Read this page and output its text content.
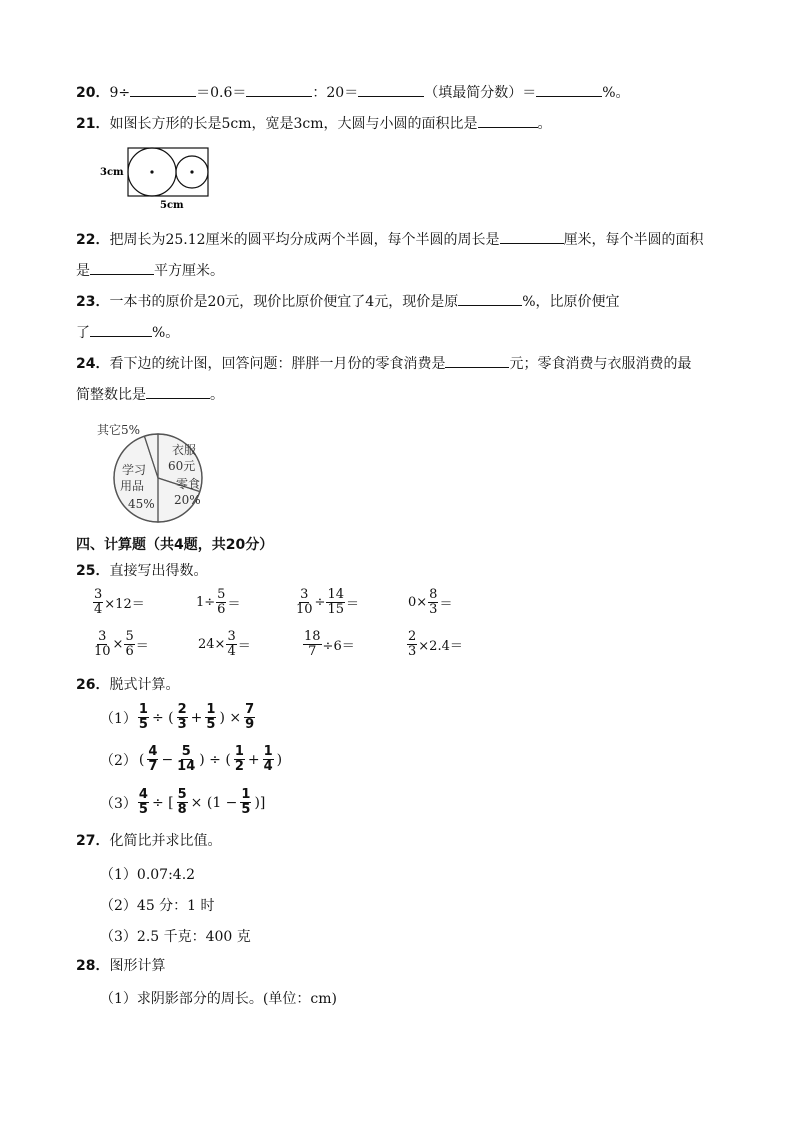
20．9÷	＝0.6＝	：20＝	（填最简分数）＝	%。
21．如图长方形的长是5cm，宽是3cm，大圆与小圆的面积比是	。
3cm
5cm
22．把周长为25.12厘米的圆平均分成两个半圆，每个半圆的周长是	厘米，每个半圆的面积
是	平方厘米。
23．一本书的原价是20元，现价比原价便宜了4元，现价是原	%，比原价便宜
了	%。
24．看下边的统计图，回答问题：胖胖一月份的零食消费是	元；零食消费与衣服消费的最
简整数比是	。
其它5%
衣服
60元
零食
20%
学习
用品
45%
四、计算题（共4题，共20分）
25．直接写出得数。
$\frac{3}{4} \times 12=$	$1\div \frac{5}{6}$ ＝	$\frac{3}{10} \div \frac{14}{15}$ ＝	$0\times \frac{8}{3}$ ＝
$\frac{3}{10} \times \frac{5}{6}$ ＝	$24\times \frac{3}{4}$ ＝	$\frac{18}{7} \div 6=$	$\frac{2}{3} \times 2.4=$
26．脱式计算。
$(1) \frac{1}{5}$ ÷ ( $\frac{2}{3} + \frac{1}{5}$ ) × $\frac{7}{9}$
（2） ( $\frac{4}{7} - \frac{5}{14}$ ) ÷ ( $\frac{1}{2} + \frac{1}{4}$ )
$(3) \frac{4}{5}$ ÷ [ $\frac{5}{8} \times (1 - \frac{1}{5}$ )]
27．化简比并求比值。
（1）0.07:4.2
（2）45 分：1 时
（3）2.5 千克：400 克
28．图形计算
（1）求阴影部分的周长。(单位：cm)
